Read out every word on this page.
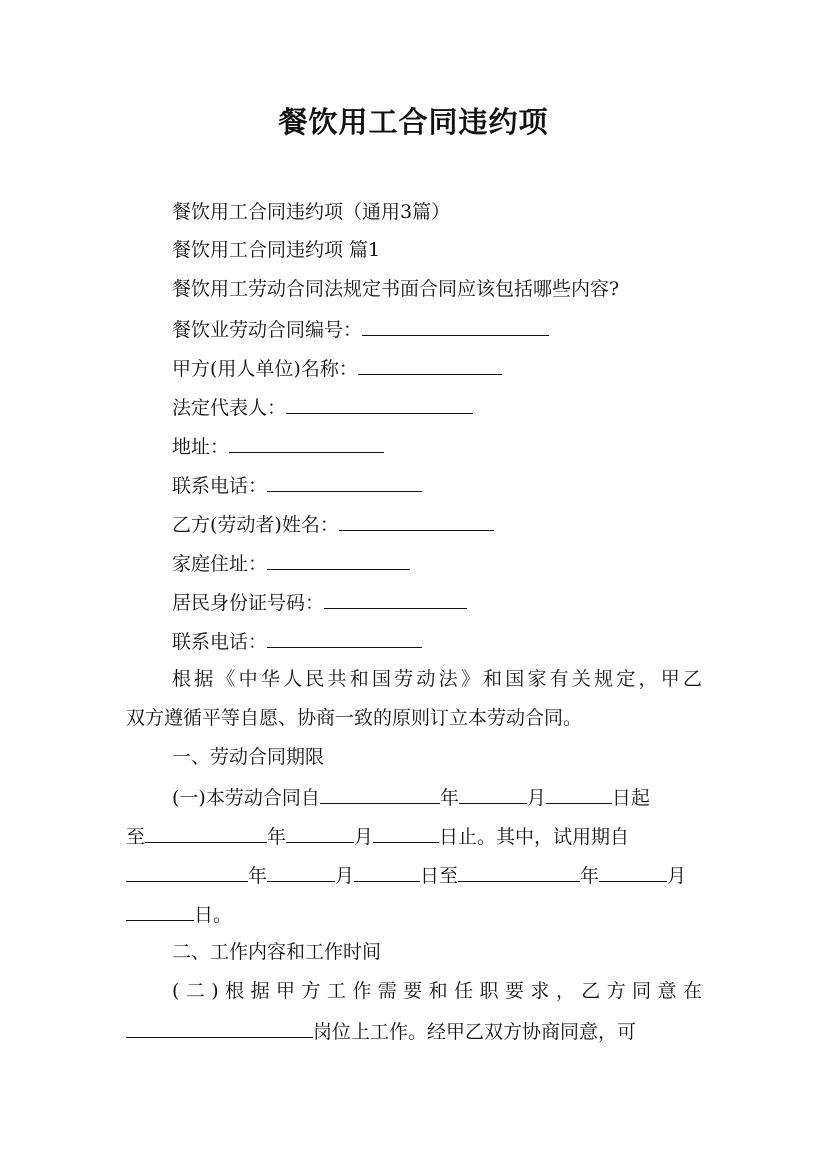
餐饮用工合同违约项
餐饮用工合同违约项（通用3篇）
餐饮用工合同违约项 篇1
餐饮用工劳动合同法规定书面合同应该包括哪些内容?
餐饮业劳动合同编号：
甲方(用人单位)名称：
法定代表人：
地址：
联系电话：
乙方(劳动者)姓名：
家庭住址：
居民身份证号码：
联系电话：
根据《中华人民共和国劳动法》和国家有关规定，甲乙
双方遵循平等自愿、协商一致的原则订立本劳动合同。
一、劳动合同期限
(一)本劳动合同自	年	月	日起
至	年	月	日止。其中，试用期自
年	月	日至	年	月
日。
二、工作内容和工作时间
(二)根据甲方工作需要和任职要求，乙方同意在
岗位上工作。经甲乙双方协商同意，可
